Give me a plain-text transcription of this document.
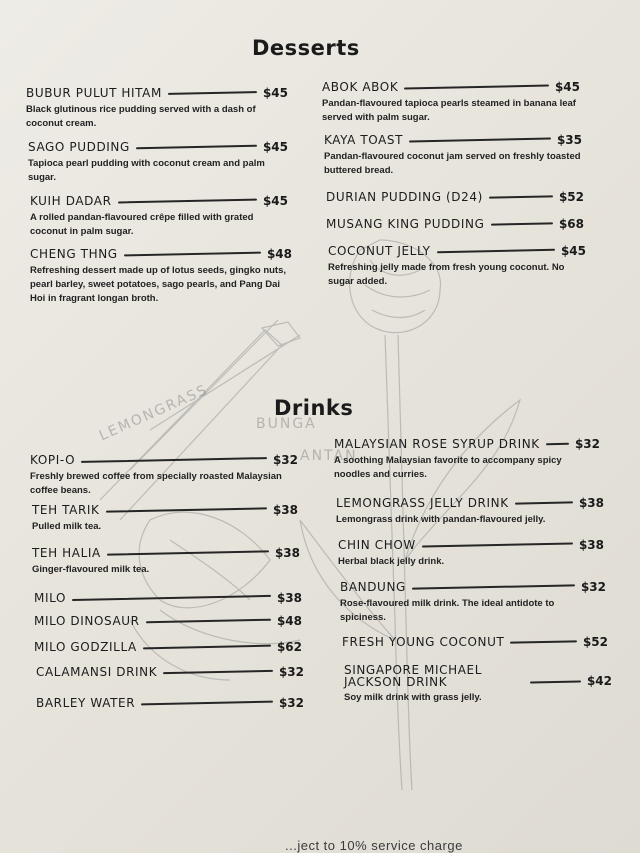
LEMONGRASS	BUNGA
ANTAN
Desserts
BUBUR PULUT HITAM	$45
Black glutinous rice pudding served with a dash of coconut cream.
SAGO PUDDING	$45
Tapioca pearl pudding with coconut cream and palm sugar.
KUIH DADAR	$45
A rolled pandan-flavoured crêpe filled with grated coconut in palm sugar.
CHENG THNG	$48
Refreshing dessert made up of lotus seeds, gingko nuts, pearl barley, sweet potatoes, sago pearls, and Pang Dai Hoi in fragrant longan broth.
ABOK ABOK	$45
Pandan-flavoured tapioca pearls steamed in banana leaf served with palm sugar.
KAYA TOAST	$35
Pandan-flavoured coconut jam served on freshly toasted buttered bread.
DURIAN PUDDING (D24)	$52
MUSANG KING PUDDING	$68
COCONUT JELLY	$45
Refreshing jelly made from fresh young coconut. No sugar added.
Drinks
KOPI-O	$32
Freshly brewed coffee from specially roasted Malaysian coffee beans.
TEH TARIK	$38
Pulled milk tea.
TEH HALIA	$38
Ginger-flavoured milk tea.
MILO	$38
MILO DINOSAUR	$48
MILO GODZILLA	$62
CALAMANSI DRINK	$32
BARLEY WATER	$32
MALAYSIAN ROSE SYRUP DRINK	$32
A soothing Malaysian favorite to accompany spicy noodles and curries.
LEMONGRASS JELLY DRINK	$38
Lemongrass drink with pandan-flavoured jelly.
CHIN CHOW	$38
Herbal black jelly drink.
BANDUNG	$32
Rose-flavoured milk drink. The ideal antidote to spiciness.
FRESH YOUNG COCONUT	$52
SINGAPORE MICHAEL JACKSON DRINK	$42
Soy milk drink with grass jelly.
...ject to 10% service charge
